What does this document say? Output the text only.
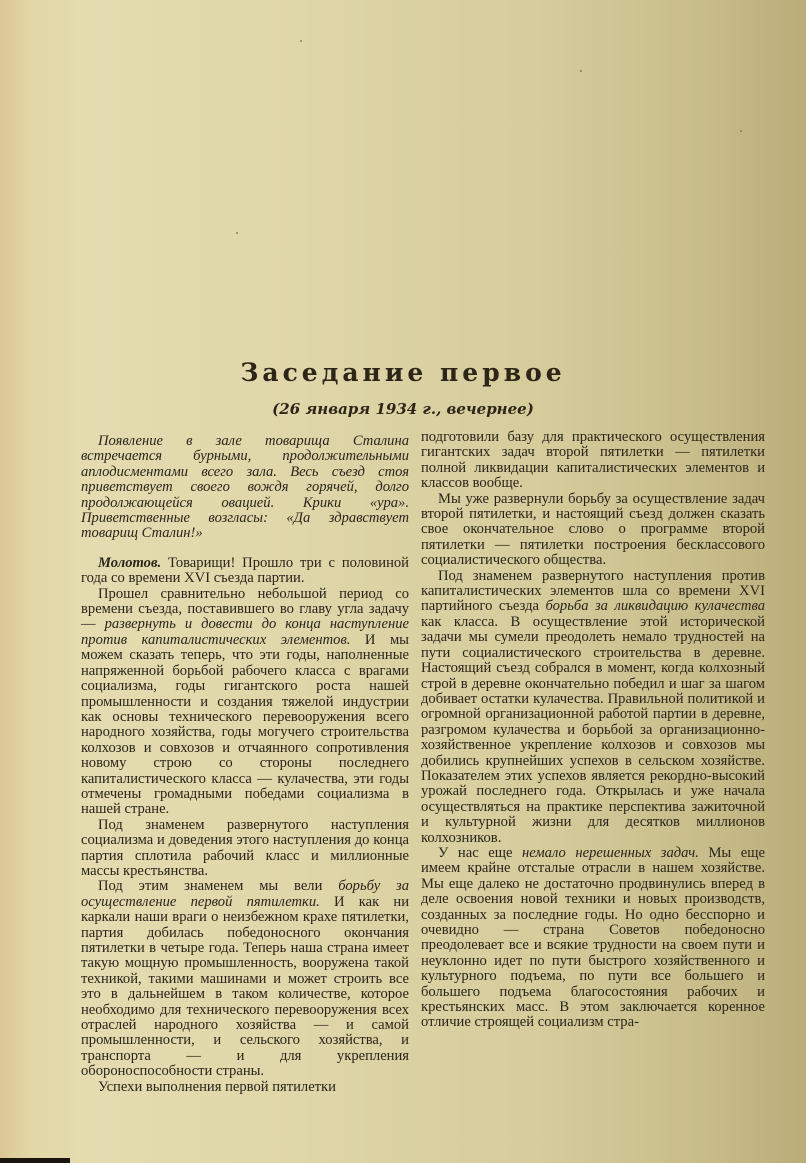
Заседание первое
(26 января 1934 г., вечернее)

Появление в зале товарища Сталина встречается бурными, продолжительными аплодисментами всего зала. Весь съезд стоя приветствует своего вождя горячей, долго продолжающейся овацией. Крики «ура». Приветственные возгласы: «Да здравствует товарищ Сталин!»

Молотов. Товарищи! Прошло три с половиной года со времени XVI съезда партии.

Прошел сравнительно небольшой период со времени съезда, поставившего во главу угла задачу — развернуть и довести до конца наступление против капиталистических элементов. И мы можем сказать теперь, что эти годы, наполненные напряженной борьбой рабочего класса с врагами социализма, годы гигантского роста нашей промышленности и создания тяжелой индустрии как основы технического перевооружения всего народного хозяйства, годы могучего строительства колхозов и совхозов и отчаянного сопротивления новому строю со стороны последнего капиталистического класса — кулачества, эти годы отмечены громадными победами социализма в нашей стране.

Под знаменем развернутого наступления социализма и доведения этого наступления до конца партия сплотила рабочий класс и миллионные массы крестьянства.

Под этим знаменем мы вели борьбу за осуществление первой пятилетки. И как ни каркали наши враги о неизбежном крахе пятилетки, партия добилась победоносного окончания пятилетки в четыре года. Теперь наша страна имеет такую мощную промышленность, вооружена такой техникой, такими машинами и может строить все это в дальнейшем в таком количестве, которое необходимо для технического перевооружения всех отраслей народного хозяйства — и самой промышленности, и сельского хозяйства, и транспорта — и для укрепления обороноспособности страны.

Успехи выполнения первой пятилетки

подготовили базу для практического осуществления гигантских задач второй пятилетки — пятилетки полной ликвидации капиталистических элементов и классов вообще.

Мы уже развернули борьбу за осуществление задач второй пятилетки, и настоящий съезд должен сказать свое окончательное слово о программе второй пятилетки — пятилетки построения бесклассового социалистического общества.

Под знаменем развернутого наступления против капиталистических элементов шла со времени XVI партийного съезда борьба за ликвидацию кулачества как класса. В осуществление этой исторической задачи мы сумели преодолеть немало трудностей на пути социалистического строительства в деревне. Настоящий съезд собрался в момент, когда колхозный строй в деревне окончательно победил и шаг за шагом добивает остатки кулачества. Правильной политикой и огромной организационной работой партии в деревне, разгромом кулачества и борьбой за организационно-хозяйственное укрепление колхозов и совхозов мы добились крупнейших успехов в сельском хозяйстве. Показателем этих успехов является рекордно-высокий урожай последнего года. Открылась и уже начала осуществляться на практике перспектива зажиточной и культурной жизни для десятков миллионов колхозников.

У нас еще немало нерешенных задач. Мы еще имеем крайне отсталые отрасли в нашем хозяйстве. Мы еще далеко не достаточно продвинулись вперед в деле освоения новой техники и новых производств, созданных за последние годы. Но одно бесспорно и очевидно — страна Советов победоносно преодолевает все и всякие трудности на своем пути и неуклонно идет по пути быстрого хозяйственного и культурного подъема, по пути все большего и большего подъема благосостояния рабочих и крестьянских масс. В этом заключается коренное отличие строящей социализм стра-
